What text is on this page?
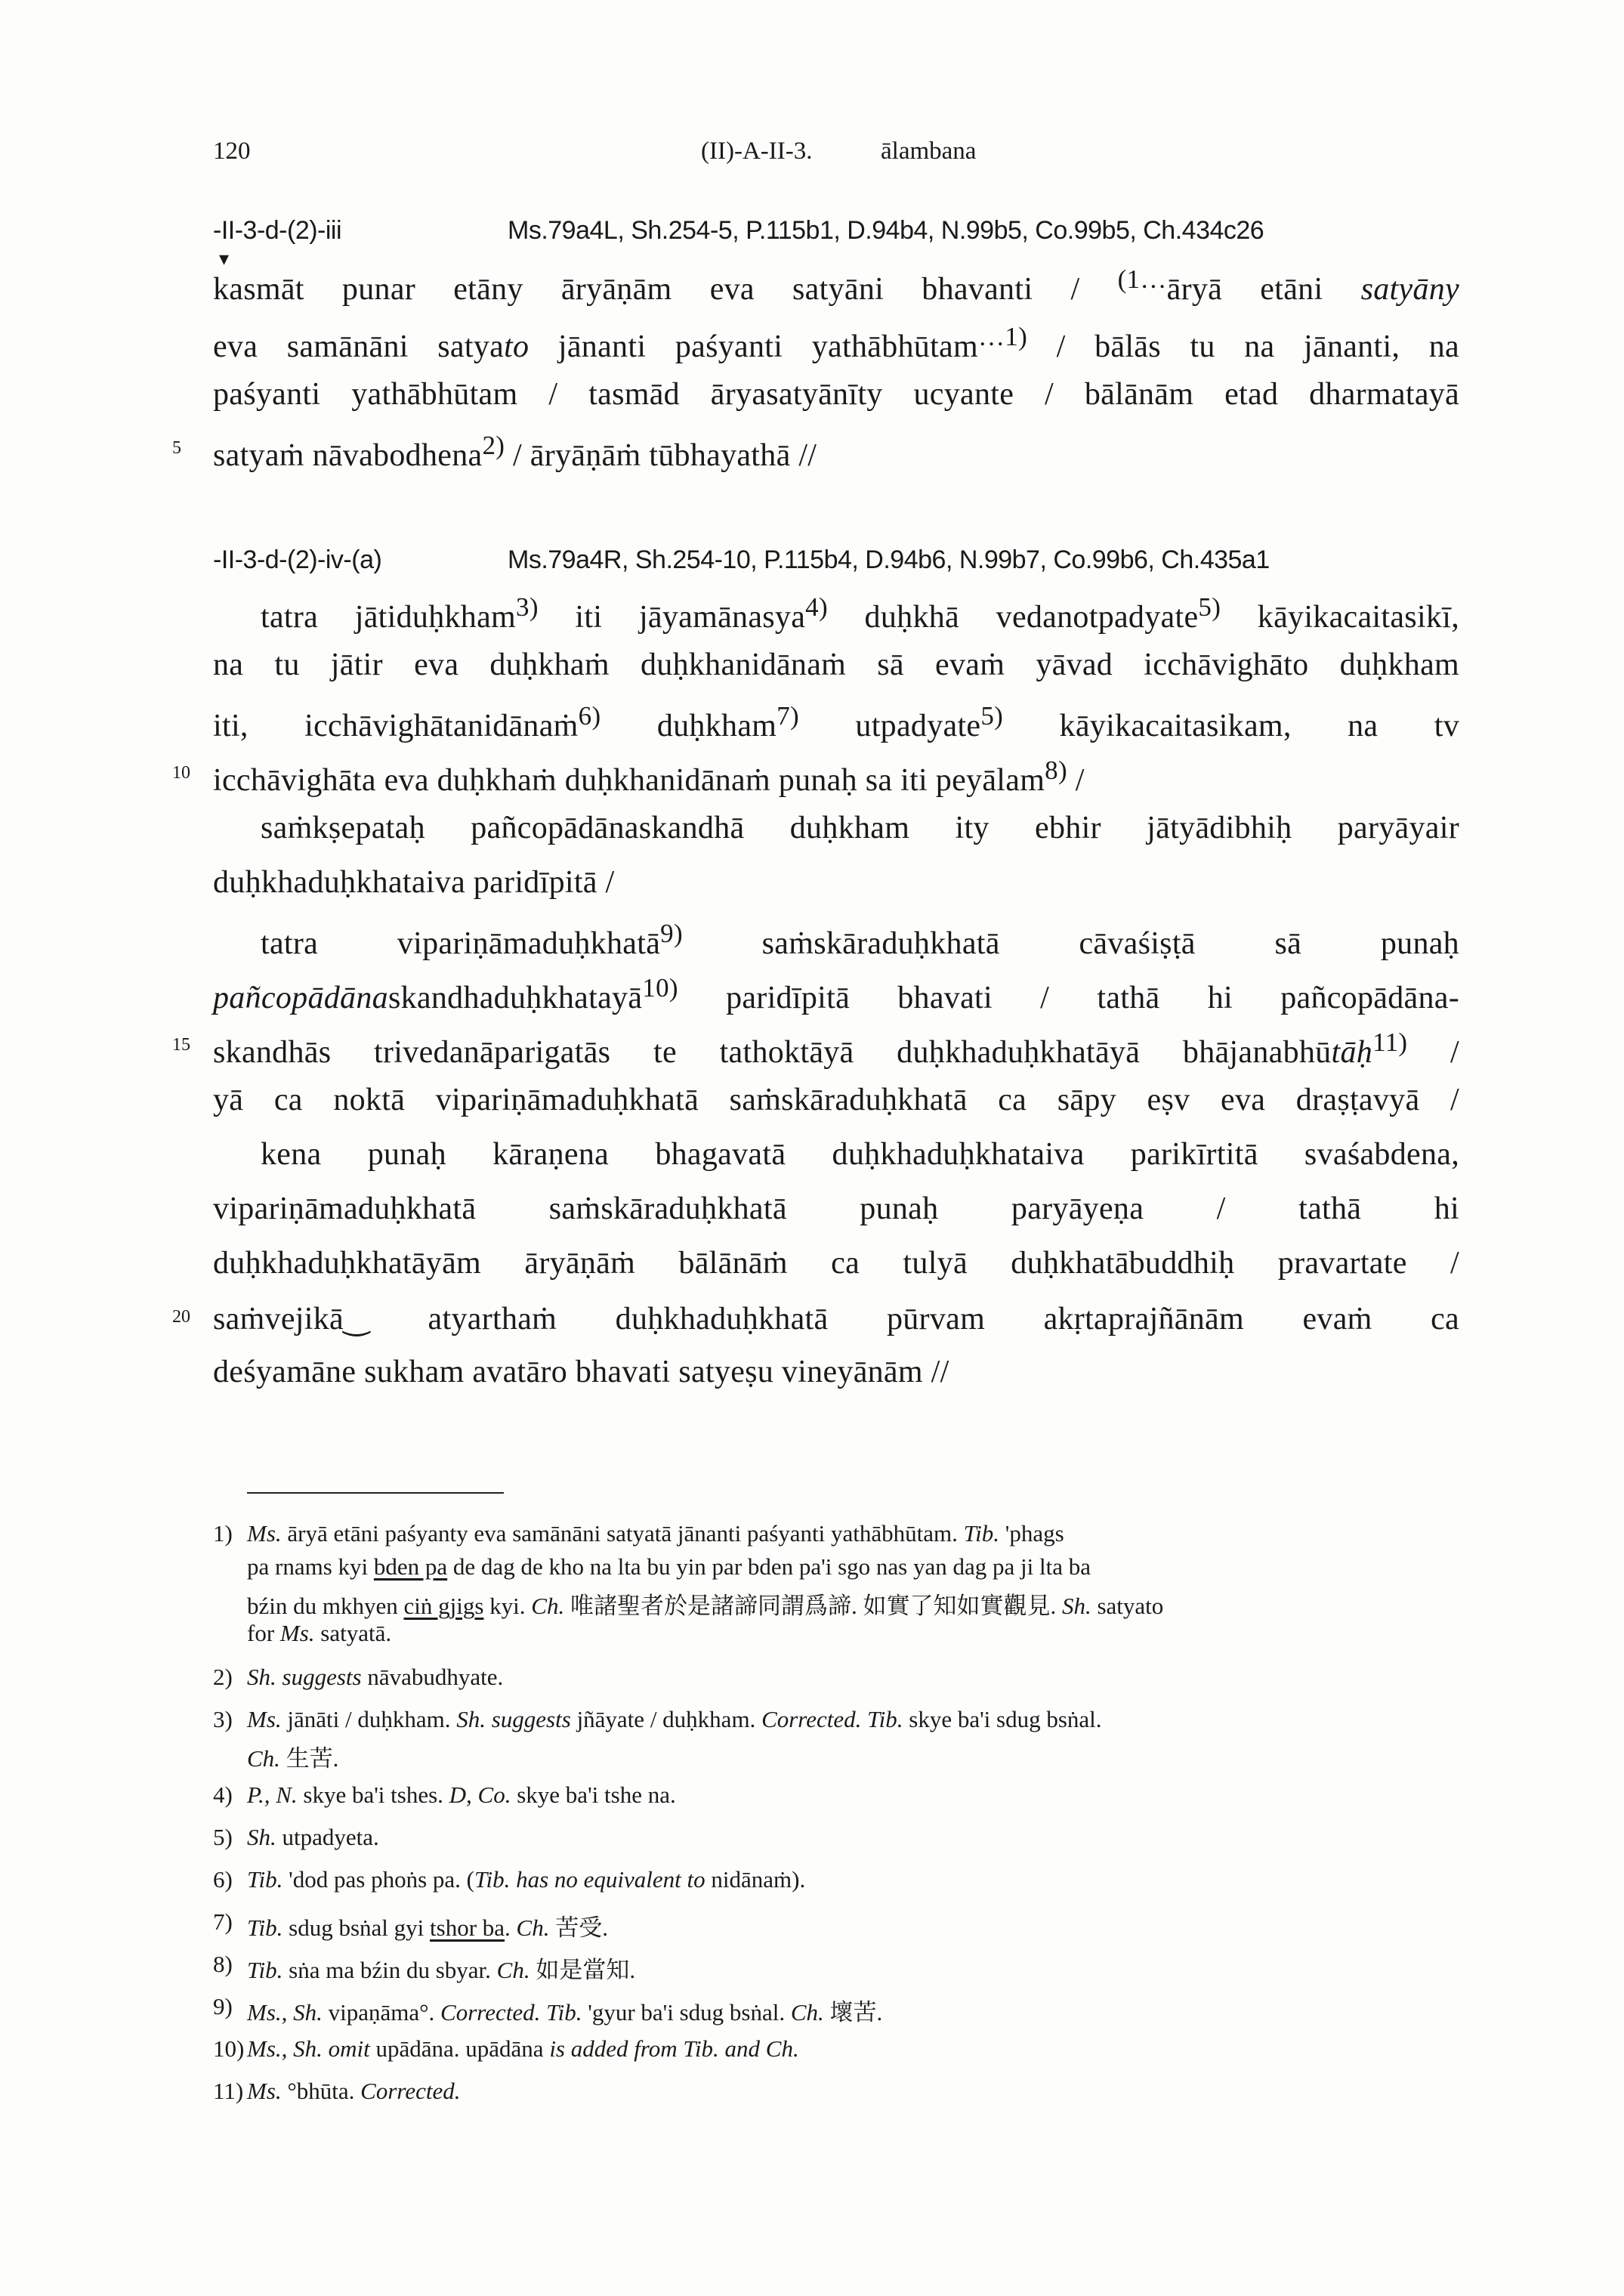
120	(II)-A-II-3.	ālambana
-II-3-d-(2)-iii	Ms.79a4L, Sh.254-5, P.115b1, D.94b4, N.99b5, Co.99b5, Ch.434c26
▾
kasmāt punar etāny āryāṇām eva satyāni bhavanti / $^{(1\dots}$āryā etāni satyāny
eva samānāni satyato jānanti paśyanti yathābhūtam$^{\dots 1)}$ / bālās tu na jānanti, na
paśyanti yathābhūtam / tasmād āryasatyānīty ucyante / bālānām etad dharmatayā
5 satyaṁ nāvabodhena$^{2)}$ / āryāṇāṁ tūbhayathā //
-II-3-d-(2)-iv-(a)	Ms.79a4R, Sh.254-10, P.115b4, D.94b6, N.99b7, Co.99b6, Ch.435a1
tatra jātiduḥkham$^{3)}$ iti jāyamānasya$^{4)}$ duḥkhā vedanotpadyate$^{5)}$ kāyikacaitasikī,
na tu jātir eva duḥkhaṁ duḥkhanidānaṁ sā evaṁ yāvad icchāvighāto duḥkham
iti, icchāvighātanidānaṁ$^{6)}$ duḥkham$^{7)}$ utpadyate$^{5)}$ kāyikacaitasikam, na tv
10 icchāvighāta eva duḥkhaṁ duḥkhanidānaṁ punaḥ sa iti peyālam$^{8)}$ /
saṁkṣepataḥ pañcopādānaskandhā duḥkham ity ebhir jātyādibhiḥ paryāyair
duḥkhaduḥkhataiva paridīpitā /
tatra vipariṇāmaduḥkhatā$^{9)}$ saṁskāraduḥkhatā cāvaśiṣṭā sā punaḥ
pañcopādānaskandhaduḥkhatayā$^{10)}$ paridīpitā bhavati / tathā hi pañcopādāna-
15 skandhās trivedanāparigatās te tathoktāyā duḥkhaduḥkhatāyā bhājanabhūtāḥ$^{11)}$ /
yā ca noktā vipariṇāmaduḥkhatā saṁskāraduḥkhatā ca sāpy eṣv eva draṣṭavyā /
kena punaḥ kāraṇena bhagavatā duḥkhaduḥkhataiva parikīrtitā svaśabdena,
vipariṇāmaduḥkhatā saṁskāraduḥkhatā punaḥ paryāyeṇa / tathā hi
duḥkhaduḥkhatāyām āryāṇāṁ bālānāṁ ca tulyā duḥkhatābuddhiḥ pravartate /
20 saṁvejikā‿ atyarthaṁ duḥkhaduḥkhatā pūrvam akṛtaprajñānām evaṁ ca
deśyamāne sukham avatāro bhavati satyeṣu vineyānām //
1) Ms. āryā etāni paśyanty eva samānāni satyatā jānanti paśyanti yathābhūtam. Tib. 'phags
pa rnams kyi bden pa de dag de kho na lta bu yin par bden pa'i sgo nas yan dag pa ji lta ba
bźin du mkhyen ciṅ gjigs kyi. Ch. 唯諸聖者於是諸諦同謂爲諦. 如實了知如實觀見. Sh. satyato
for Ms. satyatā.
2) Sh. suggests nāvabudhyate.
3) Ms. jānāti / duḥkham. Sh. suggests jñāyate / duḥkham. Corrected. Tib. skye ba'i sdug bsṅal.
Ch. 生苦.
4) P., N. skye ba'i tshes. D, Co. skye ba'i tshe na.
5) Sh. utpadyeta.
6) Tib. 'dod pas phoṅs pa. (Tib. has no equivalent to nidānaṁ).
7) Tib. sdug bsṅal gyi tshor ba. Ch. 苦受.
8) Tib. sṅa ma bźin du sbyar. Ch. 如是當知.
9) Ms., Sh. vipaṇāma°. Corrected. Tib. 'gyur ba'i sdug bsṅal. Ch. 壞苦.
10) Ms., Sh. omit upādāna. upādāna is added from Tib. and Ch.
11) Ms. °bhūta. Corrected.
